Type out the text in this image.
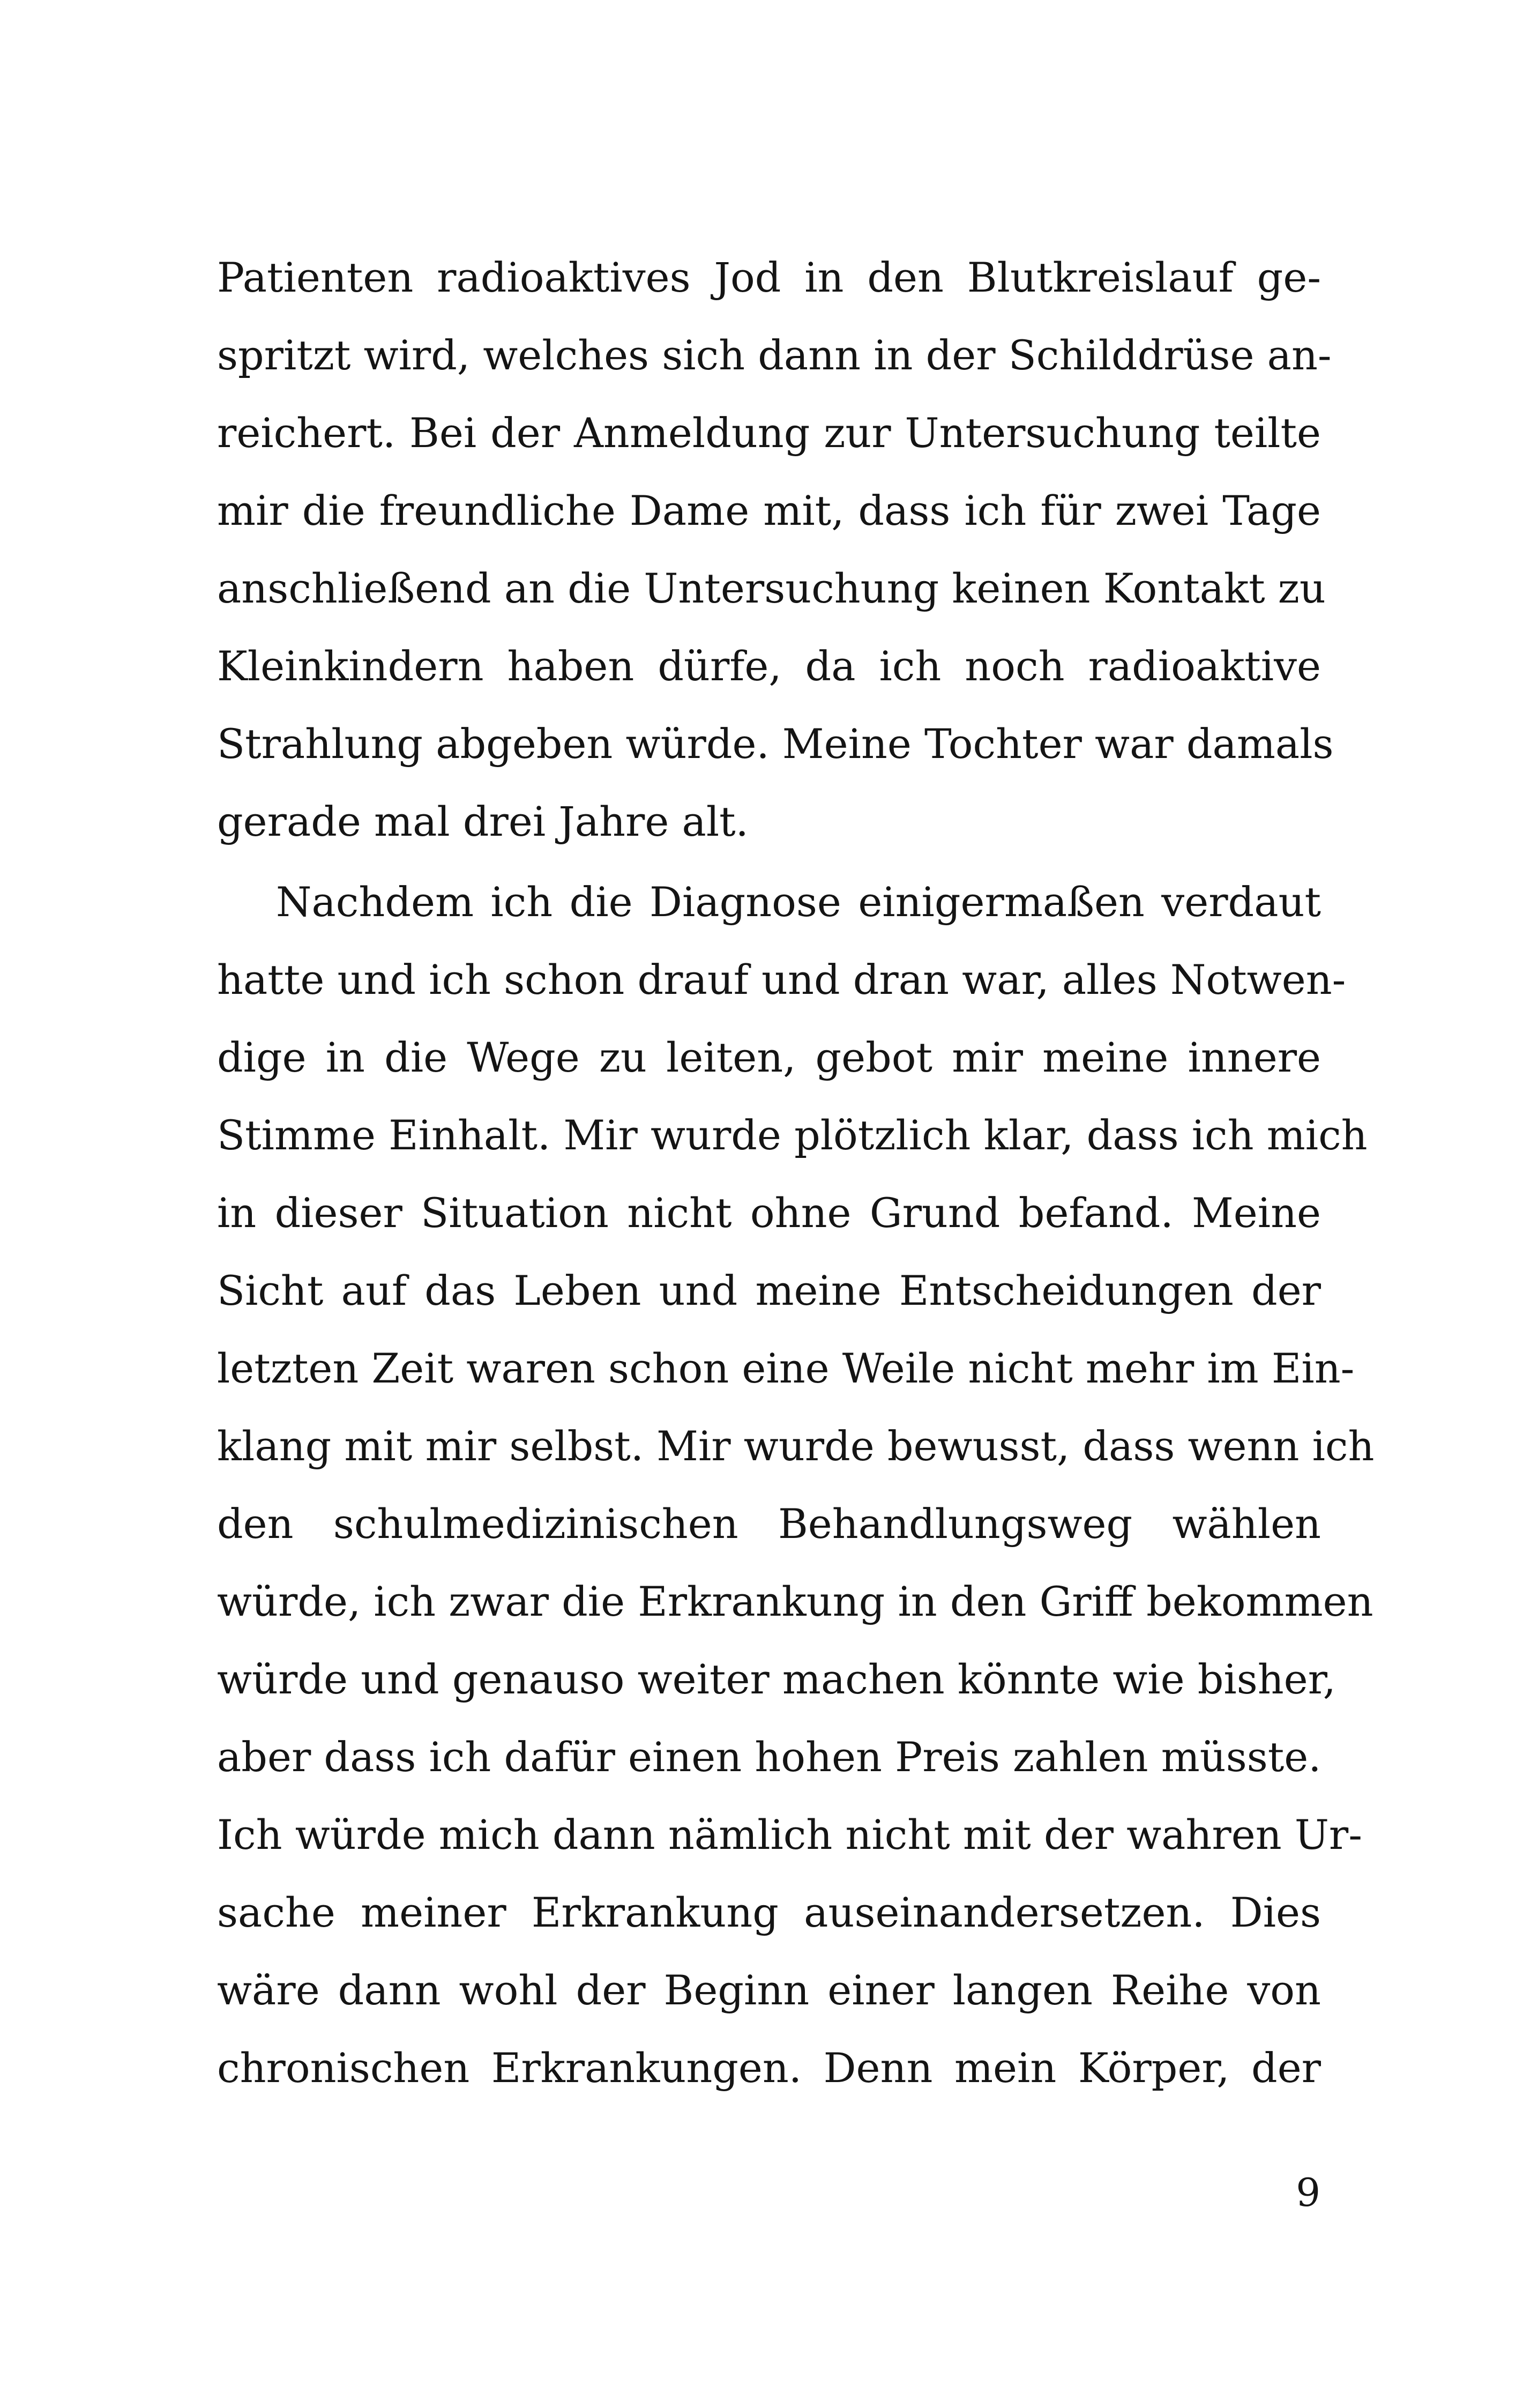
Patienten radioaktives Jod in den Blutkreislauf ge-
spritzt wird, welches sich dann in der Schilddrüse an-
reichert. Bei der Anmeldung zur Untersuchung teilte
mir die freundliche Dame mit, dass ich für zwei Tage
anschließend an die Untersuchung keinen Kontakt zu
Kleinkindern haben dürfe, da ich noch radioaktive
Strahlung abgeben würde. Meine Tochter war damals
gerade mal drei Jahre alt.
Nachdem ich die Diagnose einigermaßen verdaut
hatte und ich schon drauf und dran war, alles Notwen-
dige in die Wege zu leiten, gebot mir meine innere
Stimme Einhalt. Mir wurde plötzlich klar, dass ich mich
in dieser Situation nicht ohne Grund befand. Meine
Sicht auf das Leben und meine Entscheidungen der
letzten Zeit waren schon eine Weile nicht mehr im Ein-
klang mit mir selbst. Mir wurde bewusst, dass wenn ich
den schulmedizinischen Behandlungsweg wählen
würde, ich zwar die Erkrankung in den Griff bekommen
würde und genauso weiter machen könnte wie bisher,
aber dass ich dafür einen hohen Preis zahlen müsste.
Ich würde mich dann nämlich nicht mit der wahren Ur-
sache meiner Erkrankung auseinandersetzen. Dies
wäre dann wohl der Beginn einer langen Reihe von
chronischen Erkrankungen. Denn mein Körper, der
9
